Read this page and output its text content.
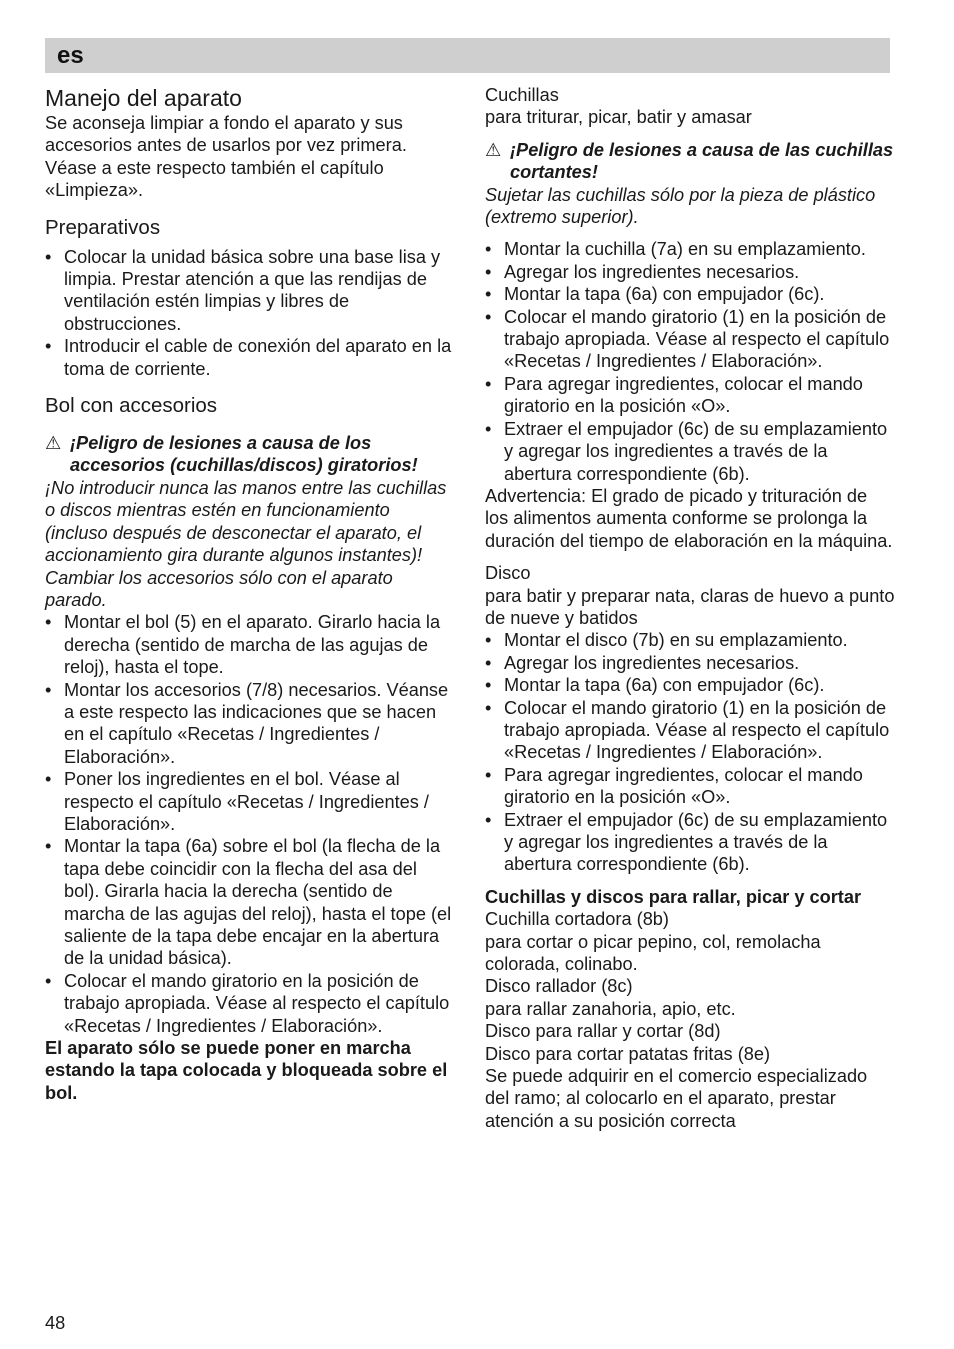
es
Manejo del aparato

Se aconseja limpiar a fondo el aparato y sus accesorios antes de usarlos por vez primera. Véase a este respecto también el capítulo «Limpieza».

Preparativos
• Colocar la unidad básica sobre una base lisa y limpia. Prestar atención a que las rendijas de ventilación estén limpias y libres de obstrucciones.
• Introducir el cable de conexión del aparato en la toma de corriente.
Bol con accesorios

⚠ ¡Peligro de lesiones a causa de los accesorios (cuchillas/discos) giratorios!

¡No introducir nunca las manos entre las cuchillas o discos mientras estén en funcionamiento (incluso después de desconectar el aparato, el accionamiento gira durante algunos instantes)!

Cambiar los accesorios sólo con el aparato parado.

• Montar el bol (5) en el aparato. Girarlo hacia la derecha (sentido de marcha de las agujas de reloj), hasta el tope.
• Montar los accesorios (7/8) necesarios. Véanse a este respecto las indicaciones que se hacen en el capítulo «Recetas / Ingredientes / Elaboración».
• Poner los ingredientes en el bol. Véase al respecto el capítulo «Recetas / Ingredientes / Elaboración».
• Montar la tapa (6a) sobre el bol (la flecha de la tapa debe coincidir con la flecha del asa del bol). Girarla hacia la derecha (sentido de marcha de las agujas del reloj), hasta el tope (el saliente de la tapa debe encajar en la abertura de la unidad básica).
• Colocar el mando giratorio en la posición de trabajo apropiada. Véase al respecto el capítulo «Recetas / Ingredientes / Elaboración».

El aparato sólo se puede poner en marcha estando la tapa colocada y bloqueada sobre el bol.

Cuchillas

para triturar, picar, batir y amasar

⚠ ¡Peligro de lesiones a causa de las cuchillas cortantes!

Sujetar las cuchillas sólo por la pieza de plástico (extremo superior).

• Montar la cuchilla (7a) en su emplazamiento.
• Agregar los ingredientes necesarios.
• Montar la tapa (6a) con empujador (6c).
• Colocar el mando giratorio (1) en la posición de trabajo apropiada. Véase al respecto el capítulo «Recetas / Ingredientes / Elaboración».
• Para agregar ingredientes, colocar el mando giratorio en la posición «O».
• Extraer el empujador (6c) de su emplazamiento y agregar los ingredientes a través de la abertura correspondiente (6b).

Advertencia: El grado de picado y trituración de los alimentos aumenta conforme se prolonga la duración del tiempo de elaboración en la máquina.

Disco

para batir y preparar nata, claras de huevo a punto de nueve y batidos

• Montar el disco (7b) en su emplazamiento.
• Agregar los ingredientes necesarios.
• Montar la tapa (6a) con empujador (6c).
• Colocar el mando giratorio (1) en la posición de trabajo apropiada. Véase al respecto el capítulo «Recetas / Ingredientes / Elaboración».
• Para agregar ingredientes, colocar el mando giratorio en la posición «O».
• Extraer el empujador (6c) de su emplazamiento y agregar los ingredientes a través de la abertura correspondiente (6b).
Cuchillas y discos para rallar, picar y cortar

Cuchilla cortadora (8b)

para cortar o picar pepino, col, remolacha colorada, colinabo.

Disco rallador (8c)

para rallar zanahoria, apio, etc.

Disco para rallar y cortar (8d)

Disco para cortar patatas fritas (8e)

Se puede adquirir en el comercio especializado del ramo; al colocarlo en el aparato, prestar atención a su posición correcta

48
